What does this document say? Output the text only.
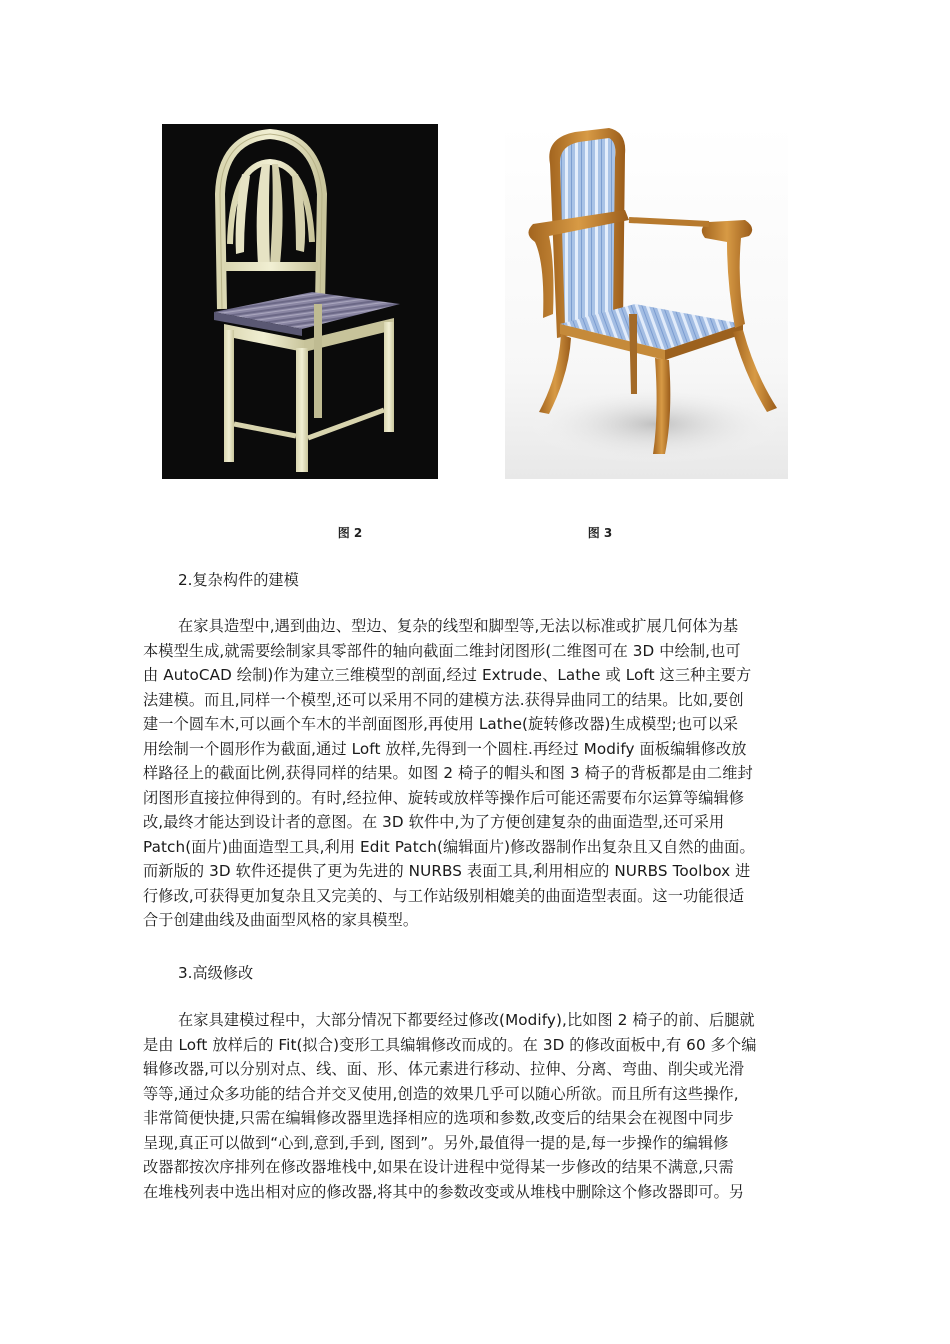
图 2	图 3
2.复杂构件的建模
在家具造型中,遇到曲边、型边、复杂的线型和脚型等,无法以标准或扩展几何体为基
本模型生成,就需要绘制家具零部件的轴向截面二维封闭图形(二维图可在 3D 中绘制,也可
由 AutoCAD 绘制)作为建立三维模型的剖面,经过 Extrude、Lathe 或 Loft 这三种主要方
法建模。而且,同样一个模型,还可以采用不同的建模方法.获得异曲同工的结果。比如,要创
建一个圆车木,可以画个车木的半剖面图形,再使用 Lathe(旋转修改器)生成模型;也可以采
用绘制一个圆形作为截面,通过 Loft 放样,先得到一个圆柱.再经过 Modify 面板编辑修改放
样路径上的截面比例,获得同样的结果。如图 2 椅子的帽头和图 3 椅子的背板都是由二维封
闭图形直接拉伸得到的。有时,经拉伸、旋转或放样等操作后可能还需要布尔运算等编辑修
改,最终才能达到设计者的意图。在 3D 软件中,为了方便创建复杂的曲面造型,还可采用
Patch(面片)曲面造型工具,利用 Edit Patch(编辑面片)修改器制作出复杂且又自然的曲面。
而新版的 3D 软件还提供了更为先进的 NURBS 表面工具,利用相应的 NURBS Toolbox 进
行修改,可获得更加复杂且又完美的、与工作站级别相媲美的曲面造型表面。这一功能很适
合于创建曲线及曲面型风格的家具模型。
3.高级修改
在家具建模过程中，大部分情况下都要经过修改(Modify),比如图 2 椅子的前、后腿就
是由 Loft 放样后的 Fit(拟合)变形工具编辑修改而成的。在 3D 的修改面板中,有 60 多个编
辑修改器,可以分别对点、线、面、形、体元素进行移动、拉伸、分离、弯曲、削尖或光滑
等等,通过众多功能的结合并交叉使用,创造的效果几乎可以随心所欲。而且所有这些操作,
非常简便快捷,只需在编辑修改器里选择相应的选项和参数,改变后的结果会在视图中同步
呈现,真正可以做到“心到,意到,手到, 图到”。另外,最值得一提的是,每一步操作的编辑修
改器都按次序排列在修改器堆栈中,如果在设计进程中觉得某一步修改的结果不满意,只需
在堆栈列表中选出相对应的修改器,将其中的参数改变或从堆栈中删除这个修改器即可。另
